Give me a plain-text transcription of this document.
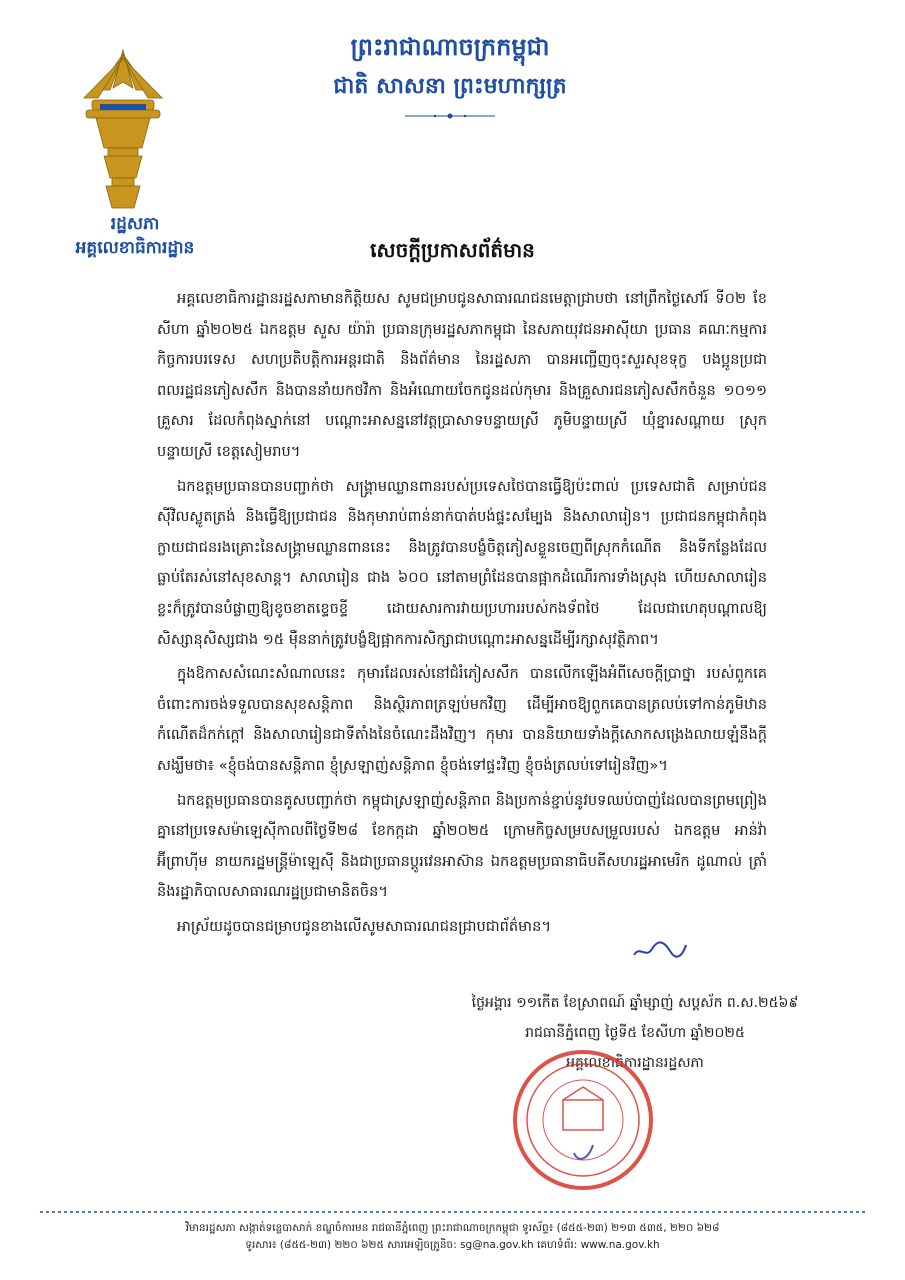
រដ្ឋសភា
អគ្គលេខាធិការដ្ឋាន
ព្រះរាជាណាចក្រកម្ពុជា
ជាតិ សាសនា ព្រះមហាក្សត្រ
សេចក្ដីប្រកាសព័ត៌មាន

អគ្គលេខាធិការដ្ឋានរដ្ឋសភាមានកិត្តិយស សូមជម្រាបជូនសាធារណជនមេត្តាជ្រាបថា នៅព្រឹកថ្ងៃសៅរ៍ ទី០២ ខែសីហា ឆ្នាំ២០២៥ ឯកឧត្តម សួស យ៉ារ៉ា ប្រធានក្រុមរដ្ឋសភាកម្ពុជា នៃសភាយុវជនអាស៊ីយា ប្រធាន គណៈកម្មការកិច្ចការបរទេស សហប្រតិបត្តិការអន្តរជាតិ និងព័ត៌មាន នៃរដ្ឋសភា បានអញ្ជើញចុះសួរសុខទុក្ខ បងប្អូនប្រជាពលរដ្ឋជនភៀសសឹក និងបាននាំយកថវិកា និងអំណោយចែកជូនដល់កុមារ និងគ្រួសារជនភៀសសឹកចំនួន ១០១១ គ្រួសារ ដែលកំពុងស្នាក់នៅ បណ្ដោះអាសន្ននៅវត្តប្រាសាទបន្ទាយស្រី ភូមិបន្ទាយស្រី ឃុំខ្នារសណ្ដាយ ស្រុកបន្ទាយស្រី ខេត្តសៀមរាប។

ឯកឧត្តមប្រធានបានបញ្ជាក់ថា សង្គ្រាមឈ្លានពានរបស់ប្រទេសថៃបានធ្វើឱ្យប៉ះពាល់ ប្រទេសជាតិ សម្រាប់ជនស៊ីវិលស្លូតត្រង់ និងធ្វើឱ្យប្រជាជន និងកុមារាប់ពាន់នាក់បាត់បង់ផ្ទះសម្បែង និងសាលារៀន។ ប្រជាជនកម្ពុជាកំពុងក្លាយជាជនរងគ្រោះនៃសង្គ្រាមឈ្លានពាននេះ និងត្រូវបានបង្ខំចិត្តភៀសខ្លួនចេញពីស្រុកកំណើត និងទីកន្លែងដែលធ្លាប់តែរស់នៅសុខសាន្ត។ សាលារៀន ជាង ៦០០ នៅតាមព្រំដែនបានផ្អាកដំណើរការទាំងស្រុង ហើយសាលារៀនខ្លះក៏ត្រូវបានបំផ្លាញឱ្យខូចខាតខ្ទេចខ្ទី ដោយសារការវាយប្រហាររបស់កងទ័ពថៃ ដែលជាហេតុបណ្ដាលឱ្យសិស្សានុសិស្សជាង ១៥ ម៉ឺននាក់ត្រូវបង្ខំឱ្យផ្អាកការសិក្សាជាបណ្ដោះអាសន្នដើម្បីរក្សាសុវត្ថិភាព។

ក្នុងឱកាសសំណេះសំណាលនេះ កុមារដែលរស់នៅជំរំភៀសសឹក បានលើកឡើងអំពីសេចក្ដីប្រាថ្នា របស់ពួកគេ ចំពោះការចង់ទទួលបានសុខសន្តិភាព និងស្ថិរភាពត្រឡប់មកវិញ ដើម្បីអាចឱ្យពួកគេបានត្រលប់ទៅកាន់ភូមិឋានកំណើតដ៏កក់ក្ដៅ និងសាលារៀនជាទីតាំងនៃចំណេះដឹងវិញ។ កុមារ បាននិយាយទាំងក្ដីសោកសង្រេងលាយឡំនឹងក្ដីសង្ឃឹមថា៖ «ខ្ញុំចង់បានសន្តិភាព ខ្ញុំស្រឡាញ់សន្តិភាព ខ្ញុំចង់ទៅផ្ទះវិញ ខ្ញុំចង់ត្រលប់ទៅរៀនវិញ»។

ឯកឧត្តមប្រធានបានគូសបញ្ជាក់ថា កម្ពុជាស្រឡាញ់សន្តិភាព និងប្រកាន់ខ្ជាប់នូវបទឈប់បាញ់ដែលបានព្រមព្រៀងគ្នានៅប្រទេសម៉ាឡេស៊ីកាលពីថ្ងៃទី២៨ ខែកក្កដា ឆ្នាំ២០២៥ ក្រោមកិច្ចសម្របសម្រួលរបស់ ឯកឧត្តម អាន់វ៉ា អ៊ីព្រាហ៊ីម នាយករដ្ឋមន្ត្រីម៉ាឡេស៊ី និងជាប្រធានប្ដូរវេនអាស៊ាន ឯកឧត្តមប្រធានាធិបតីសហរដ្ឋអាមេរិក ដូណាល់ ត្រាំ និងរដ្ឋាភិបាលសាធារណរដ្ឋប្រជាមានិតចិន។

អាស្រ័យដូចបានជម្រាបជូនខាងលើសូមសាធារណជនជ្រាបជាព័ត៌មាន។

ថ្ងៃអង្គារ ១១កើត ខែស្រាពណ៍ ឆ្នាំម្សាញ់ សប្តស័ក ព.ស.២៥៦៩
រាជធានីភ្នំពេញ ថ្ងៃទី៥ ខែសីហា ឆ្នាំ២០២៥
អគ្គលេខាធិការដ្ឋានរដ្ឋសភា
វិមានរដ្ឋសភា សង្កាត់ទន្លេបាសាក់ ខណ្ឌចំការមន រាជធានីភ្នំពេញ ព្រះរាជាណាចក្រកម្ពុជា ទូរស័ព្ទ៖ (៨៥៥-២៣) ២១៣ ៥៣៥, ២២០ ៦២៨
ទូរសារ៖ (៨៥៥-២៣) ២២០ ៦២៥ សារអេឡិចត្រូនិច: sg@na.gov.kh គេហទំព័រ: www.na.gov.kh
